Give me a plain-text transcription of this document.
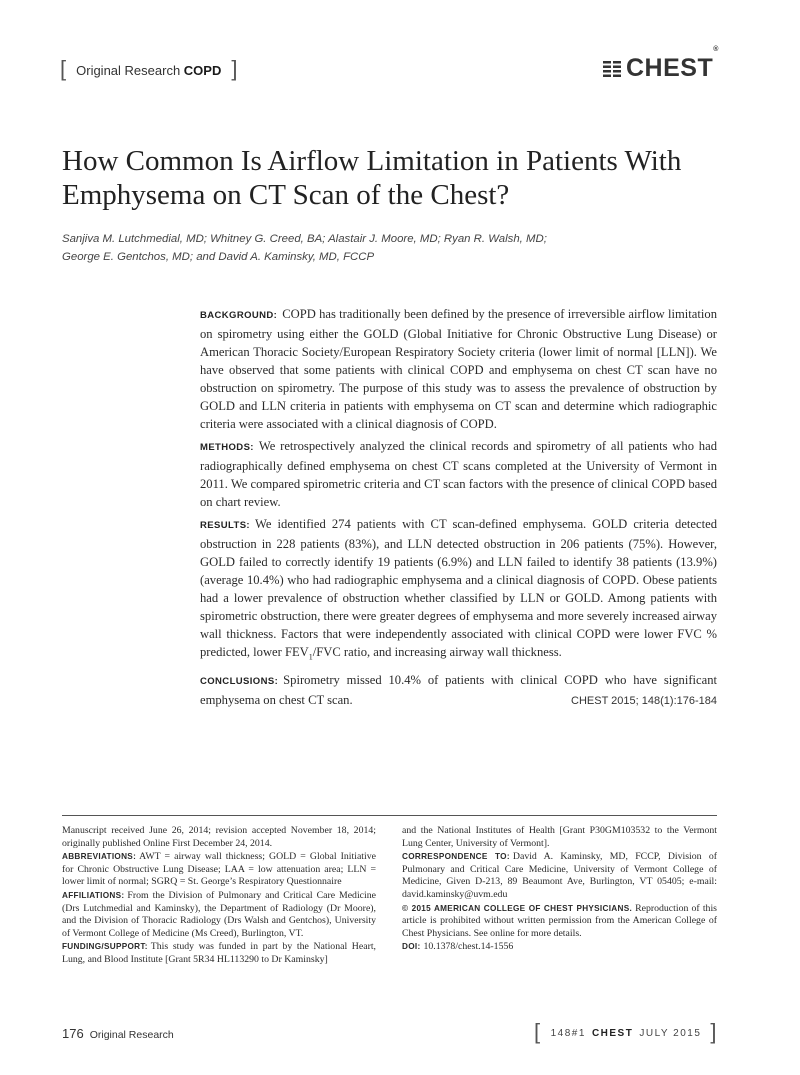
[ Original Research COPD ]	CHEST®
How Common Is Airflow Limitation in Patients With
Emphysema on CT Scan of the Chest?
Sanjiva M. Lutchmedial, MD; Whitney G. Creed, BA; Alastair J. Moore, MD; Ryan R. Walsh, MD;
George E. Gentchos, MD; and David A. Kaminsky, MD, FCCP

BACKGROUND: COPD has traditionally been defined by the presence of irreversible airflow limitation on spirometry using either the GOLD (Global Initiative for Chronic Obstructive Lung Disease) or American Thoracic Society/European Respiratory Society criteria (lower limit of normal [LLN]). We have observed that some patients with clinical COPD and emphysema on chest CT scan have no obstruction on spirometry. The purpose of this study was to assess the prevalence of obstruction by GOLD and LLN criteria in patients with emphysema on CT scan and determine which radiographic criteria were associated with a clinical diagnosis of COPD.

METHODS: We retrospectively analyzed the clinical records and spirometry of all patients who had radiographically defined emphysema on chest CT scans completed at the University of Vermont in 2011. We compared spirometric criteria and CT scan factors with the presence of clinical COPD based on chart review.

RESULTS: We identified 274 patients with CT scan-defined emphysema. GOLD criteria detected obstruction in 228 patients (83%), and LLN detected obstruction in 206 patients (75%). However, GOLD failed to correctly identify 19 patients (6.9%) and LLN failed to identify 38 patients (13.9%) (average 10.4%) who had radiographic emphysema and a clinical diagnosis of COPD. Obese patients had a lower prevalence of obstruction whether classified by LLN or GOLD. Among patients with spirometric obstruction, there were greater degrees of emphysema and more severely increased airway wall thickness. Factors that were independently associated with clinical COPD were lower FVC % predicted, lower $FEV_1$/FVC ratio, and increasing airway wall thickness.

CONCLUSIONS: Spirometry missed 10.4% of patients with clinical COPD who have significant emphysema on chest CT scan.	CHEST 2015; 148(1):176-184

Manuscript received June 26, 2014; revision accepted November 18, 2014; originally published Online First December 24, 2014.

ABBREVIATIONS: AWT = airway wall thickness; GOLD = Global Initiative for Chronic Obstructive Lung Disease; LAA = low attenuation area; LLN = lower limit of normal; SGRQ = St. George’s Respiratory Questionnaire

AFFILIATIONS: From the Division of Pulmonary and Critical Care Medicine (Drs Lutchmedial and Kaminsky), the Department of Radiology (Dr Moore), and the Division of Thoracic Radiology (Drs Walsh and Gentchos), University of Vermont College of Medicine (Ms Creed), Burlington, VT.

FUNDING/SUPPORT: This study was funded in part by the National Heart, Lung, and Blood Institute [Grant 5R34 HL113290 to Dr Kaminsky]

and the National Institutes of Health [Grant P30GM103532 to the Vermont Lung Center, University of Vermont].

CORRESPONDENCE TO: David A. Kaminsky, MD, FCCP, Division of Pulmonary and Critical Care Medicine, University of Vermont College of Medicine, Given D-213, 89 Beaumont Ave, Burlington, VT 05405; e-mail: david.kaminsky@uvm.edu

© 2015 AMERICAN COLLEGE OF CHEST PHYSICIANS. Reproduction of this article is prohibited without written permission from the American College of Chest Physicians. See online for more details.

DOI: 10.1378/chest.14-1556

176 Original Research	[ 148#1 CHEST JULY 2015 ]
